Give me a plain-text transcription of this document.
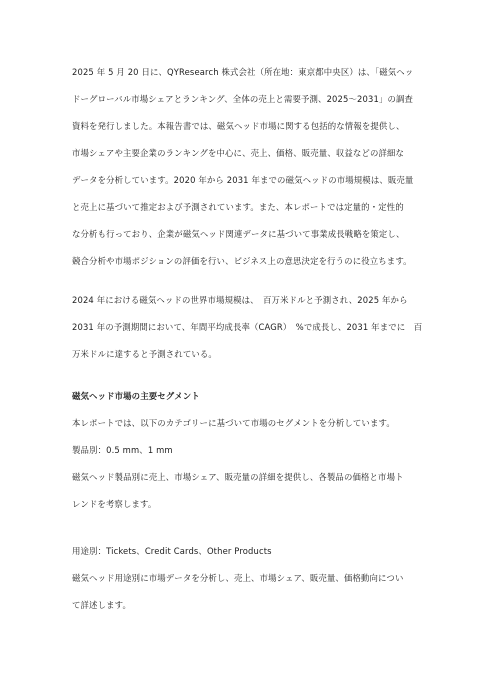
2025 年 5 月 20 日に、QYResearch 株式会社（所在地：東京都中央区）は、「磁気ヘッ
ドーグローバル市場シェアとランキング、全体の売上と需要予測、2025～2031」の調査
資料を発行しました。本報告書では、磁気ヘッド市場に関する包括的な情報を提供し、
市場シェアや主要企業のランキングを中心に、売上、価格、販売量、収益などの詳細な
データを分析しています。2020 年から 2031 年までの磁気ヘッドの市場規模は、販売量
と売上に基づいて推定および予測されています。また、本レポートでは定量的・定性的
な分析も行っており、企業が磁気ヘッド関連データに基づいて事業成長戦略を策定し、
競合分析や市場ポジションの評価を行い、ビジネス上の意思決定を行うのに役立ちます。
2024 年における磁気ヘッドの世界市場規模は、　百万米ドルと予測され、2025 年から
2031 年の予測期間において、年間平均成長率（CAGR）　%で成長し、2031 年までに　百
万米ドルに達すると予測されている。
磁気ヘッド市場の主要セグメント
本レポートでは、以下のカテゴリーに基づいて市場のセグメントを分析しています。
製品別：0.5 mm、1 mm
磁気ヘッド製品別に売上、市場シェア、販売量の詳細を提供し、各製品の価格と市場ト
レンドを考察します。
用途別：Tickets、Credit Cards、Other Products
磁気ヘッド用途別に市場データを分析し、売上、市場シェア、販売量、価格動向につい
て詳述します。
